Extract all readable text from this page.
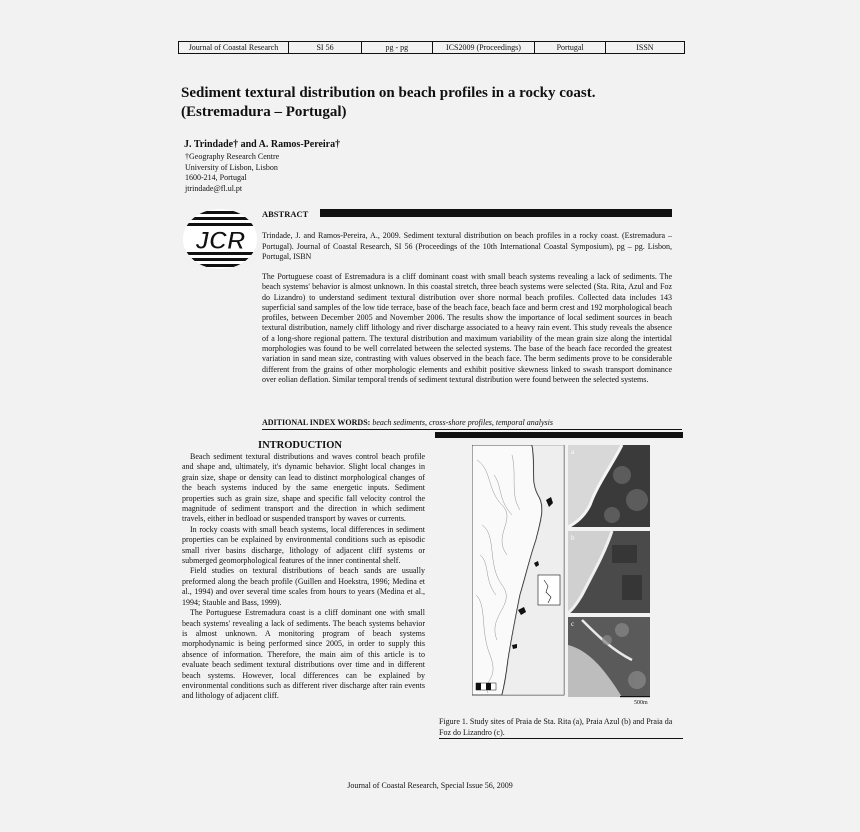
Journal of Coastal Research	SI 56	pg - pg	ICS2009 (Proceedings)	Portugal	ISSN
Sediment textural distribution on beach profiles in a rocky coast.
(Estremadura – Portugal)
J. Trindade† and A. Ramos-Pereira†
†Geography Research Centre
University of Lisbon, Lisbon
1600-214, Portugal
jtrindade@fl.ul.pt
JCR
ABSTRACT
Trindade, J. and Ramos-Pereira, A., 2009. Sediment textural distribution on beach profiles in a rocky coast. (Estremadura – Portugal). Journal of Coastal Research, SI 56 (Proceedings of the 10th International Coastal Symposium), pg – pg. Lisbon, Portugal, ISBN
The Portuguese coast of Estremadura is a cliff dominant coast with small beach systems revealing a lack of sediments. The beach systems' behavior is almost unknown. In this coastal stretch, three beach systems were selected (Sta. Rita, Azul and Foz do Lizandro) to understand sediment textural distribution over shore normal beach profiles. Collected data includes 143 superficial sand samples of the low tide terrace, base of the beach face, beach face and berm crest and 192 morphological beach profiles, between December 2005 and November 2006. The results show the importance of local sediment sources in beach textural distribution, namely cliff lithology and river discharge associated to a heavy rain event. This study reveals the absence of a long-shore regional pattern. The textural distribution and maximum variability of the mean grain size along the intertidal morphologies was found to be well correlated between the selected systems. The base of the beach face recorded the greatest variation in sand mean size, contrasting with values observed in the beach face. The berm sediments prove to be considerable different from the grains of other morphologic elements and exhibit positive skewness linked to swash transport dominance over eolian deflation. Similar temporal trends of sediment textural distribution were found between the selected systems.
ADITIONAL INDEX WORDS: beach sediments, cross-shore profiles, temporal analysis
INTRODUCTION

Beach sediment textural distributions and waves control beach profile and shape and, ultimately, it's dynamic behavior. Slight local changes in grain size, shape or density can lead to distinct morphological changes of the beach systems induced by the same energetic inputs. Sediment properties such as grain size, shape and specific fall velocity control the magnitude of sediment transport and the direction in which sediment travels, either in bedload or suspended transport by waves or currents.

In rocky coasts with small beach systems, local differences in sediment properties can be explained by environmental conditions such as episodic small river basins discharge, lithology of adjacent cliff systems or submerged geomorphological features of the inner continental shelf.

Field studies on textural distributions of beach sands are usually preformed along the beach profile (Guillen and Hoekstra, 1996; Medina et al., 1994) and over several time scales from hours to years (Medina et al., 1994; Stauble and Bass, 1999).

The Portuguese Estremadura coast is a cliff dominant one with small beach systems' revealing a lack of sediments. The beach systems behavior is almost unknown. A monitoring program of beach systems morphodynamic is being performed since 2005, in order to supply this absence of information. Therefore, the main aim of this article is to evaluate beach sediment textural distributions over time and in different beach systems. However, local differences can be explained by environmental conditions such as different river discharge after rain events and lithology of adjacent cliff.

a
b
c
500m
Figure 1. Study sites of Praia de Sta. Rita (a), Praia Azul (b) and Praia da Foz do Lizandro (c).
Journal of Coastal Research, Special Issue 56, 2009
